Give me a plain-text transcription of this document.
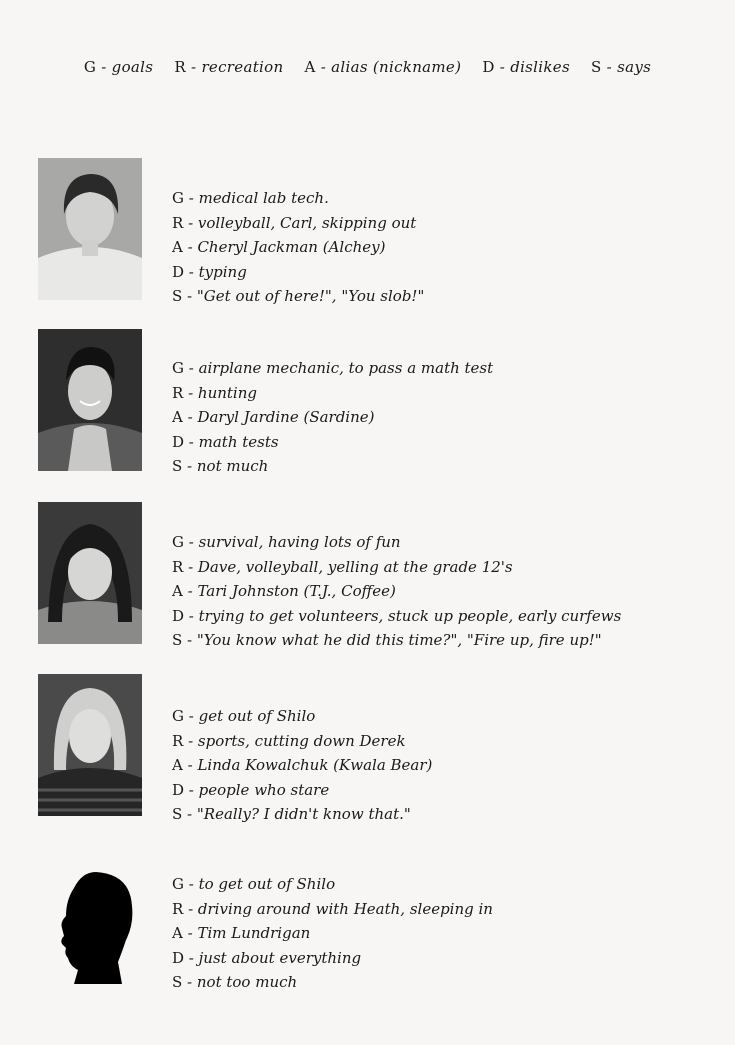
G - goals R - recreation A - alias (nickname) D - dislikes S - says
G - medical lab tech.
R - volleyball, Carl, skipping out
A - Cheryl Jackman (Alchey)
D - typing
S - "Get out of here!", "You slob!"
G - airplane mechanic, to pass a math test
R - hunting
A - Daryl Jardine (Sardine)
D - math tests
S - not much
G - survival, having lots of fun
R - Dave, volleyball, yelling at the grade 12's
A - Tari Johnston (T.J., Coffee)
D - trying to get volunteers, stuck up people, early curfews
S - "You know what he did this time?", "Fire up, fire up!"
G - get out of Shilo
R - sports, cutting down Derek
A - Linda Kowalchuk (Kwala Bear)
D - people who stare
S - "Really? I didn't know that."
G - to get out of Shilo
R - driving around with Heath, sleeping in
A - Tim Lundrigan
D - just about everything
S - not too much
